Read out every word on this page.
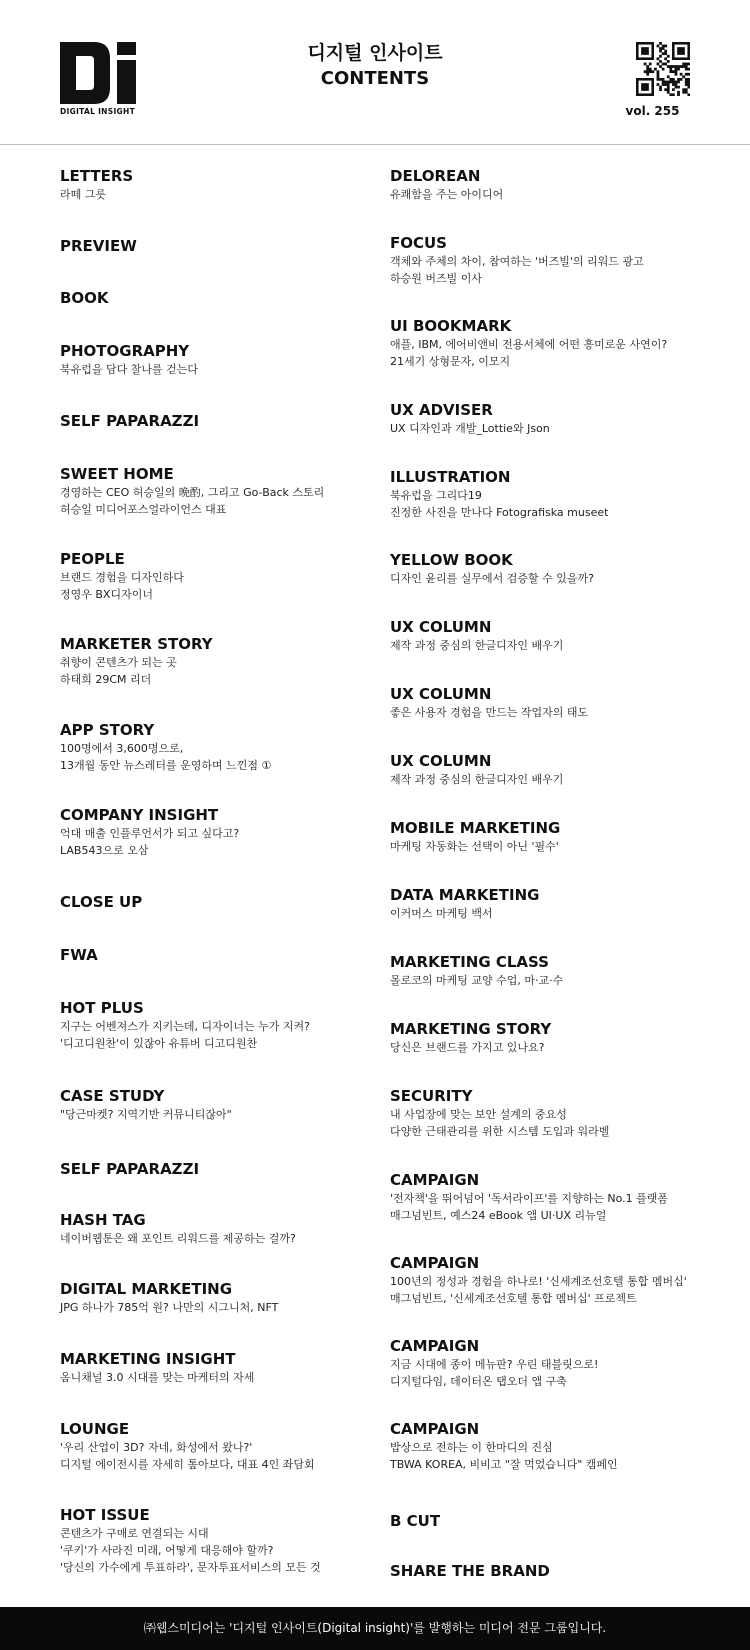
DIGITAL INSIGHT
디지털 인사이트
CONTENTS
vol. 255
LETTERS
라떼 그릇
PREVIEW
BOOK
PHOTOGRAPHY
북유럽을 담다 찰나를 걷는다
SELF PAPARAZZI
SWEET HOME
경영하는 CEO 허승일의 晩酌, 그리고 Go-Back 스토리
허승일 미디어포스얼라이언스 대표
PEOPLE
브랜드 경험을 디자인하다
정영우 BX디자이너
MARKETER STORY
취향이 콘텐츠가 되는 곳
하태희 29CM 리더
APP STORY
100명에서 3,600명으로,
13개월 동안 뉴스레터를 운영하며 느낀점 ①
COMPANY INSIGHT
억대 매출 인플루언서가 되고 싶다고?
LAB543으로 오삼
CLOSE UP
FWA
HOT PLUS
지구는 어벤져스가 지키는데, 디자이너는 누가 지켜?
'디고디원찬'이 있잖아 유튜버 디고디원찬
CASE STUDY
"당근마켓? 지역기반 커뮤니티잖아"
SELF PAPARAZZI
HASH TAG
네이버웹툰은 왜 포인트 리워드를 제공하는 걸까?
DIGITAL MARKETING
JPG 하나가 785억 원? 나만의 시그니처, NFT
MARKETING INSIGHT
옴니채널 3.0 시대를 맞는 마케터의 자세
LOUNGE
'우리 산업이 3D? 자네, 화성에서 왔나?'
디지털 에이전시를 자세히 톺아보다, 대표 4인 좌담회
HOT ISSUE
콘텐츠가 구매로 연결되는 시대
'쿠키'가 사라진 미래, 어떻게 대응해야 할까?
'당신의 가수에게 투표하라', 문자투표서비스의 모든 것
DELOREAN
유쾌함을 주는 아이디어
FOCUS
객체와 주체의 차이, 참여하는 '버즈빌'의 리워드 광고
하승원 버즈빌 이사
UI BOOKMARK
애플, IBM, 에어비앤비 전용서체에 어떤 흥미로운 사연이?
21세기 상형문자, 이모지
UX ADVISER
UX 디자인과 개발_Lottie와 Json
ILLUSTRATION
북유럽을 그리다19
진정한 사진을 만나다 Fotografiska museet
YELLOW BOOK
디자인 윤리를 실무에서 검증할 수 있을까?
UX COLUMN
제작 과정 중심의 한글디자인 배우기
UX COLUMN
좋은 사용자 경험을 만드는 작업자의 태도
UX COLUMN
제작 과정 중심의 한글디자인 배우기
MOBILE MARKETING
마케팅 자동화는 선택이 아닌 '필수'
DATA MARKETING
이커머스 마케팅 백서
MARKETING CLASS
몰로코의 마케팅 교양 수업, 마·교·수
MARKETING STORY
당신은 브랜드를 가지고 있나요?
SECURITY
내 사업장에 맞는 보안 설계의 중요성
다양한 근태관리를 위한 시스템 도입과 워라벨
CAMPAIGN
'전자책'을 뛰어넘어 '독서라이프'를 지향하는 No.1 플랫폼
매그넘빈트, 예스24 eBook 앱 UI·UX 리뉴얼
CAMPAIGN
100년의 정성과 경험을 하나로! '신세계조선호텔 통합 멤버십'
매그넘빈트, '신세계조선호텔 통합 멤버십' 프로젝트
CAMPAIGN
지금 시대에 종이 메뉴판? 우린 태블릿으로!
디지털다임, 데이터온 탭오더 앱 구축
CAMPAIGN
밥상으로 전하는 이 한마디의 진심
TBWA KOREA, 비비고 "잘 먹었습니다" 캠페인
B CUT
SHARE THE BRAND
㈜웹스미디어는 '디지털 인사이트(Digital insight)'를 발행하는 미디어 전문 그룹입니다.
